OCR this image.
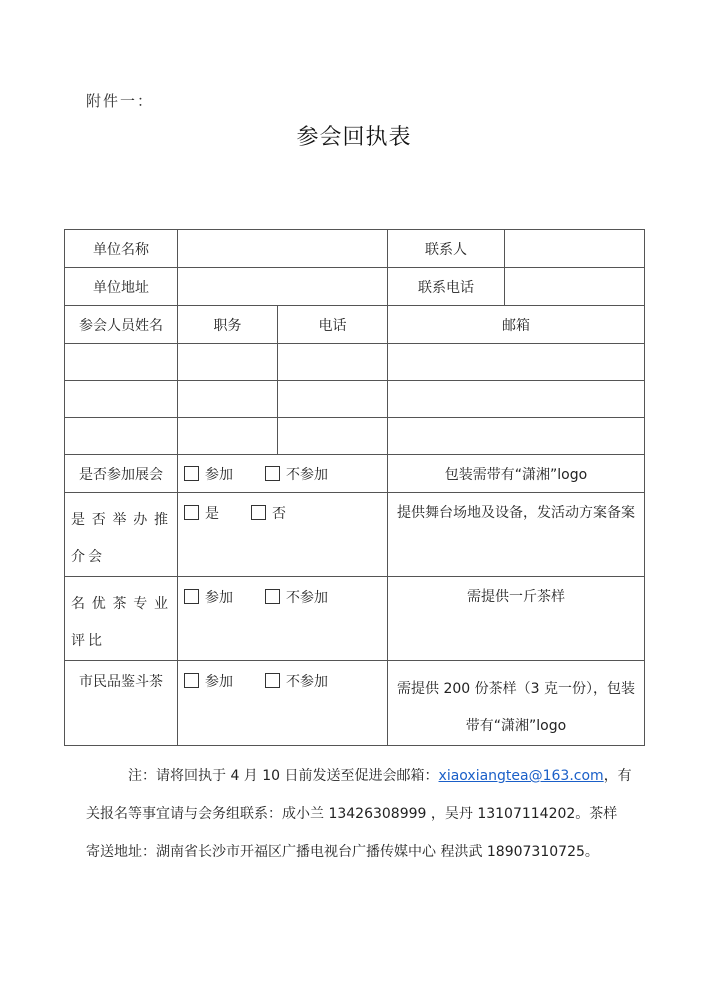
附件一：
参会回执表
单位名称			联系人	
单位地址			联系电话	
参会人员姓名	职务	电话	邮箱	

是否参加展会	参加 不参加		包装需带有“潇湘”logo	
是否举办推介会	是 否		提供舞台场地及设备，发活动方案备案	
名优茶专业评比	参加 不参加		需提供一斤茶样	
市民品鉴斗茶	参加 不参加		需提供 200 份茶样（3 克一份），包装带有“潇湘”logo	

注：请将回执于 4 月 10 日前发送至促进会邮箱：xiaoxiangtea@163.com，有

关报名等事宜请与会务组联系：成小兰 13426308999 ，吴丹 13107114202。茶样

寄送地址：湖南省长沙市开福区广播电视台广播传媒中心 程洪武 18907310725。
